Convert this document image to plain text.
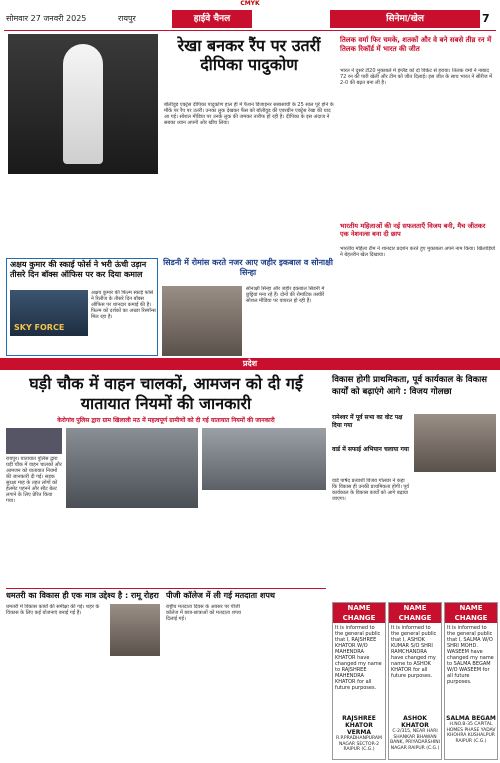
CMYK
सोमवार 27 जनवरी 2025	रायपुर	हाईवे चैनल	सिनेमा/खेल	7
रेखा बनकर रैंप पर उतरीं दीपिका पादुकोण
बॉलीवुड एक्ट्रेस दीपिका पादुकोण हाल ही में फैशन डिजाइनर सब्यसाची के 25 साल पूरे होने के मौके पर रैंप पर उतरीं। उनका लुक देखकर फैंस को बॉलीवुड की एवरग्रीन एक्ट्रेस रेखा की याद आ गई। सोशल मीडिया पर उनके लुक की जमकर तारीफ हो रही है। दीपिका के इस अंदाज ने सबका ध्यान अपनी ओर खींच लिया।
अक्षय कुमार की स्काई फोर्स ने भरी ऊंची उड़ान तीसरे दिन बॉक्स ऑफिस पर कर दिया कमाल
SKY FORCE
अक्षय कुमार की फिल्म स्काई फोर्स ने रिलीज के तीसरे दिन बॉक्स ऑफिस पर शानदार कमाई की है। फिल्म को दर्शकों का अच्छा रिस्पॉन्स मिल रहा है।
सिडनी में रोमांस करते नजर आए जहीर इकबाल व सोनाक्षी सिन्हा
सोनाक्षी सिन्हा और जहीर इकबाल सिडनी में छुट्टियां मना रहे हैं। दोनों की रोमांटिक तस्वीरें सोशल मीडिया पर वायरल हो रही हैं।
तिलक वर्मा फिर चमके, शतकों और वे बने सबसे तीव्र रन में तिलक रिकॉर्ड में भारत की जीत
भारत ने दूसरे टी20 मुकाबले में इंग्लैंड को दो विकेट से हराया। तिलक वर्मा ने नाबाद 72 रन की पारी खेली और टीम को जीत दिलाई। इस जीत के साथ भारत ने सीरीज में 2-0 की बढ़त बना ली है।
भारतीय महिलाओं की नई सफलताएँ विजय बनी, मैच जीतकर एक नेशनल्स बना दी छाप
भारतीय महिला टीम ने शानदार प्रदर्शन करते हुए मुकाबला अपने नाम किया। खिलाड़ियों ने बेहतरीन खेल दिखाया।
प्रदेश
घड़ी चौक में वाहन चालकों, आमजन को दी गई यातायात नियमों की जानकारी
केरोगांव पुलिस द्वारा ग्राम खिलाली मठ में महत्वपूर्ण ग्रामीणों को दी गई यातायात नियमों की जानकारी
रायपुर। यातायात पुलिस द्वारा घड़ी चौक में वाहन चालकों और आमजन को यातायात नियमों की जानकारी दी गई। सड़क सुरक्षा माह के तहत लोगों को हेलमेट पहनने और सीट बेल्ट लगाने के लिए प्रेरित किया गया।
धमतरी का विकास ही एक मात्र उद्देश्य है : रामू रोहरा
धमतरी में विकास कार्यों की समीक्षा की गई। शहर के विकास के लिए कई योजनाएं बनाई गई हैं।
पीजी कॉलेज में ली गई मतदाता शपथ
राष्ट्रीय मतदाता दिवस के अवसर पर पीजी कॉलेज में छात्र-छात्राओं को मतदाता शपथ दिलाई गई।
विकास होगी प्राथमिकता, पूर्व कार्यकाल के विकास कार्यों को बढ़ाएंगे आगे : विजय गोलछा
रामेश्वर में पूर्व सभा का वोट पक्ष दिया गया
वार्ड में सफाई अभियान चलाया गया
वार्ड पार्षद प्रत्याशी विजय गोलछा ने कहा कि विकास ही उनकी प्राथमिकता होगी। पूर्व कार्यकाल के विकास कार्यों को आगे बढ़ाया जाएगा।
NAME CHANGE
It is informed to the general public that I, RAJSHREE KHATOR W/O MAHENDRA KHATOR have changed my name to RAJSHREE MAHENDRA KHATOR for all future purposes.
RAJSHREE KHATOR VERMA
R.P.PRADHANPURAM NAGAR SECTOR-2 RAIPUR (C.G.)
NAME CHANGE
It is informed to the general public that I, ASHOK KUMAR S/O SHRI RAMCHANDRA have changed my name to ASHOK KHATOR for all future purposes.
ASHOK KHATOR
C-2/315, NEAR HARI SHANKAR BHAWAN BANK, PRIYADARSHINI NAGAR RAIPUR (C.G.)
NAME CHANGE
It is informed to the general public that I, SALMA W/O SHRI MOHD. WASEEM have changed my name to SALMA BEGAM W/O WASEEM for all future purposes.
SALMA BEGAM
H.NO.B-35 CAPITAL HOMES PHASE YADAV KHOHRA KUSHALPUR RAIPUR (C.G.)
